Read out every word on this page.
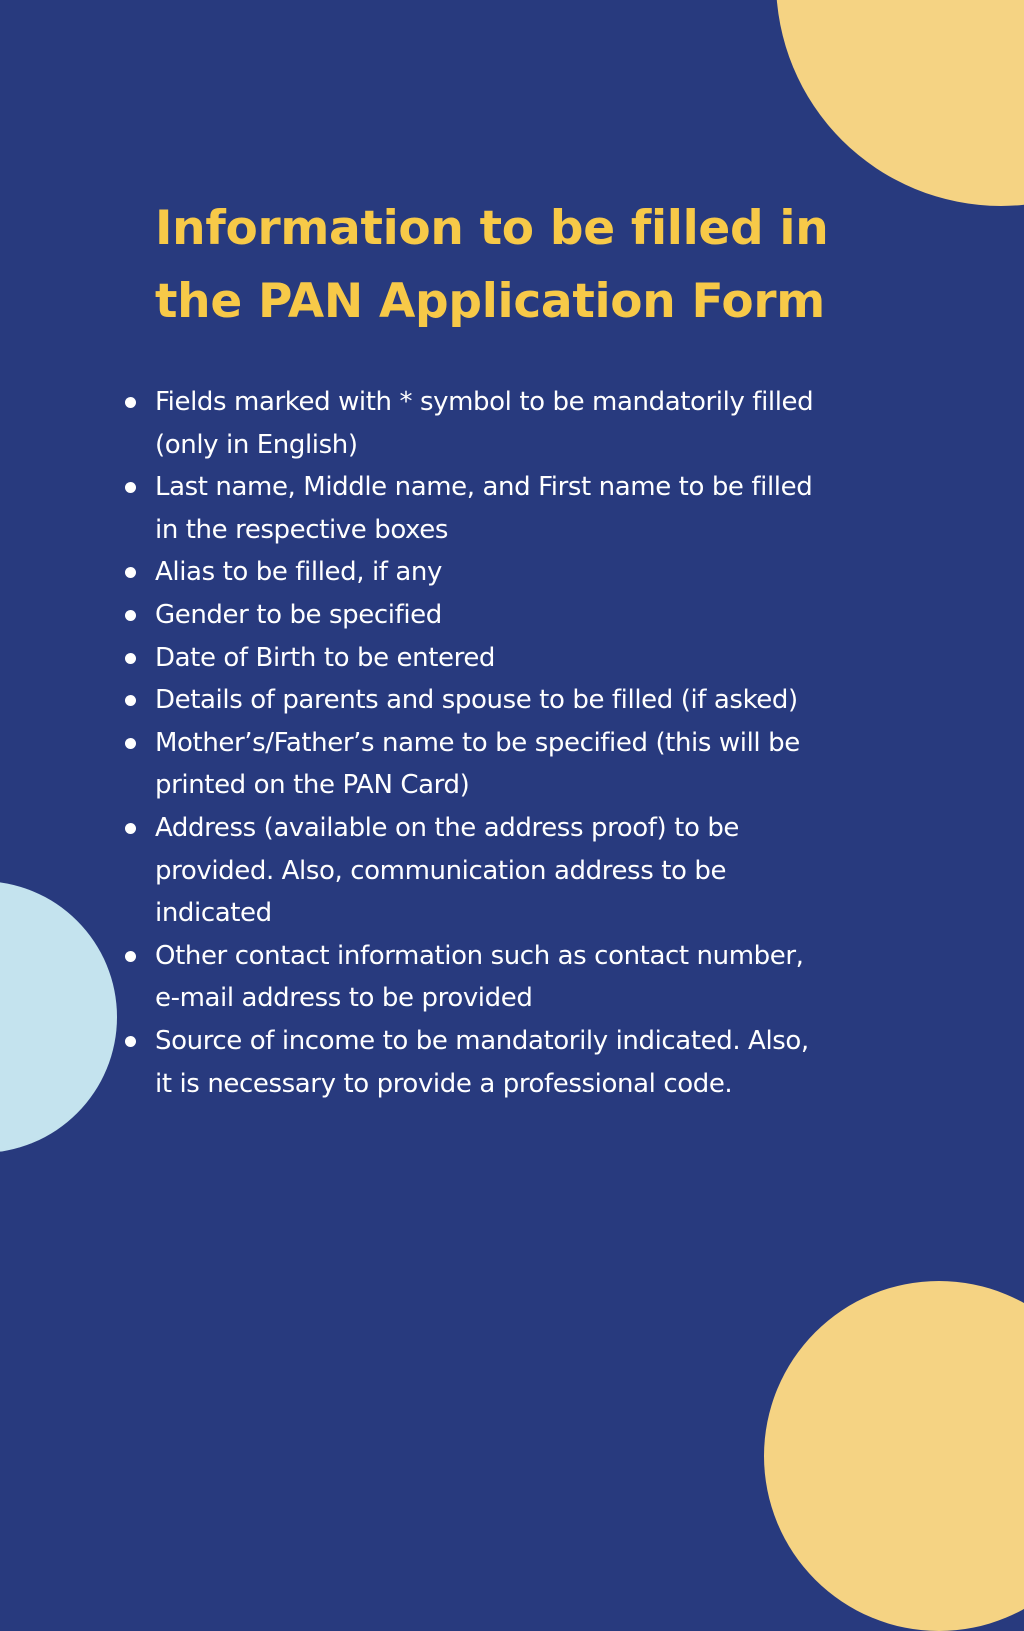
Information to be filled in
the PAN Application Form
Fields marked with * symbol to be mandatorily filled
(only in English)
Last name, Middle name, and First name to be filled
in the respective boxes
Alias to be filled, if any
Gender to be specified
Date of Birth to be entered
Details of parents and spouse to be filled (if asked)
Mother’s/Father’s name to be specified (this will be
printed on the PAN Card)
Address (available on the address proof) to be
provided. Also, communication address to be
indicated
Other contact information such as contact number,
e-mail address to be provided
Source of income to be mandatorily indicated. Also,
it is necessary to provide a professional code.
